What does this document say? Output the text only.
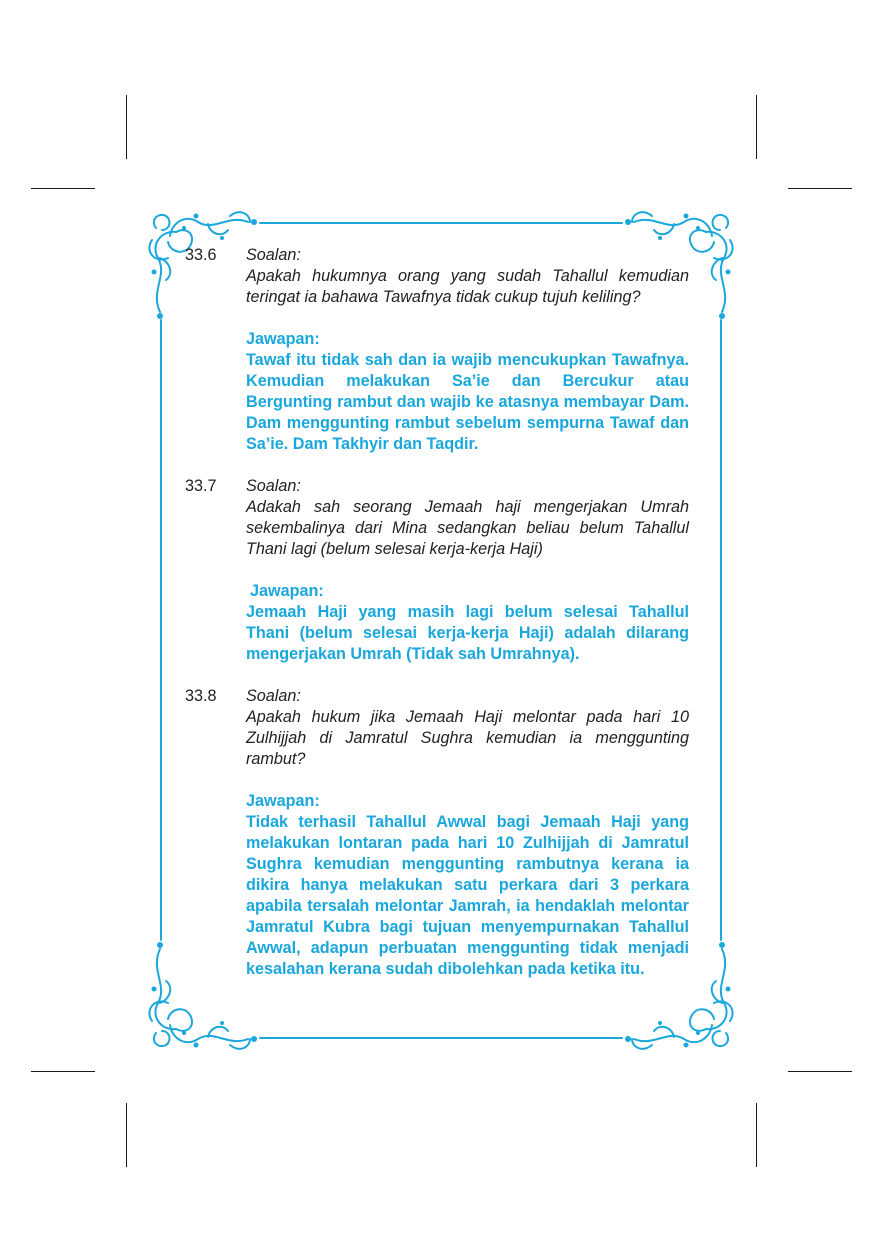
33.6 Soalan:
Apakah hukumnya orang yang sudah Tahallul kemudian teringat ia bahawa Tawafnya tidak cukup tujuh keliling?
Jawapan:
Tawaf itu tidak sah dan ia wajib mencukupkan Tawafnya. Kemudian melakukan Sa’ie dan Bercukur atau Bergunting rambut dan wajib ke atasnya membayar Dam. Dam menggunting rambut sebelum sempurna Tawaf dan Sa’ie. Dam Takhyir dan Taqdir.
33.7 Soalan:
Adakah sah seorang Jemaah haji mengerjakan Umrah sekembalinya dari Mina sedangkan beliau belum Tahallul Thani lagi (belum selesai kerja-kerja Haji)
Jawapan:
Jemaah Haji yang masih lagi belum selesai Tahallul Thani (belum selesai kerja-kerja Haji) adalah dilarang mengerjakan Umrah (Tidak sah Umrahnya).
33.8 Soalan:
Apakah hukum jika Jemaah Haji melontar pada hari 10 Zulhijjah di Jamratul Sughra kemudian ia menggunting rambut?
Jawapan:
Tidak terhasil Tahallul Awwal bagi Jemaah Haji yang melakukan lontaran pada hari 10 Zulhijjah di Jamratul Sughra kemudian menggunting rambutnya kerana ia dikira hanya melakukan satu perkara dari 3 perkara apabila tersalah melontar Jamrah, ia hendaklah melontar Jamratul Kubra bagi tujuan menyempurnakan Tahallul Awwal, adapun perbuatan menggunting tidak menjadi kesalahan kerana sudah dibolehkan pada ketika itu.
